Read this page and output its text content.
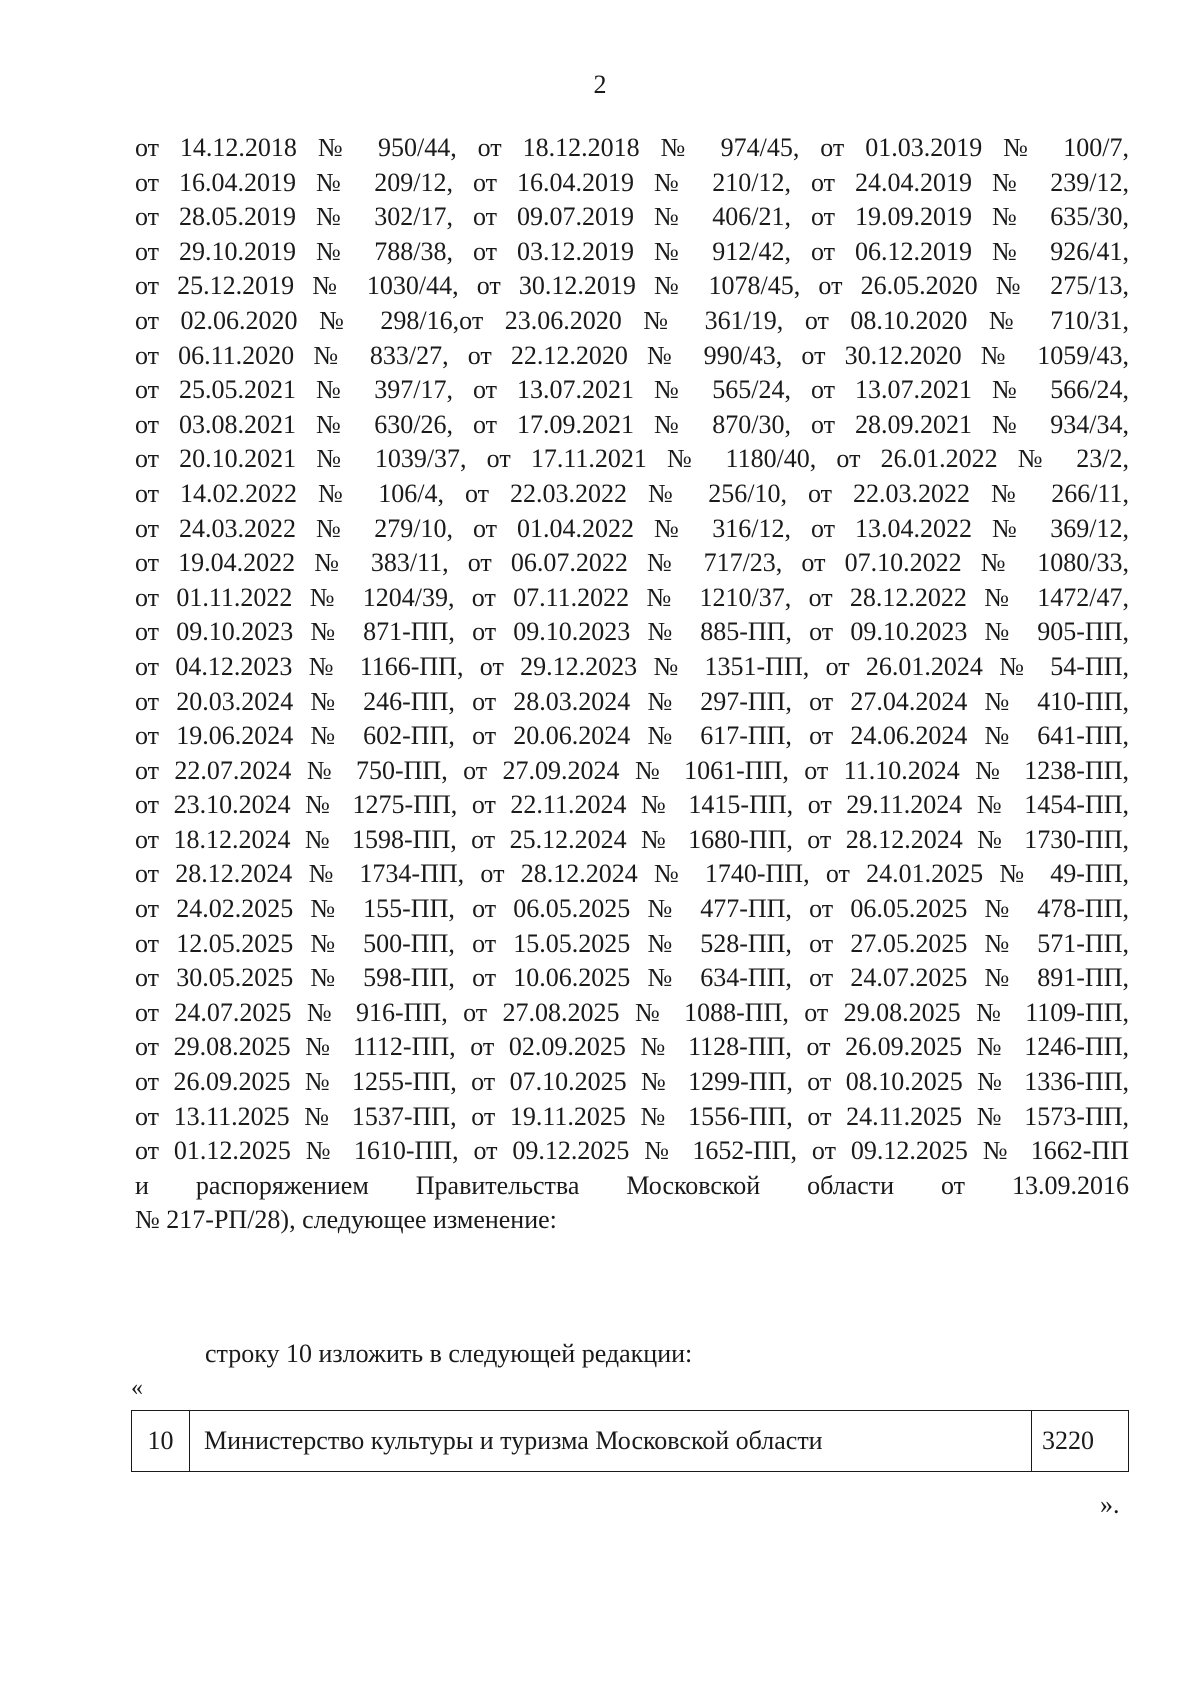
2
от 14.12.2018 № 950/44, от 18.12.2018 № 974/45, от 01.03.2019 № 100/7,
от 16.04.2019 № 209/12, от 16.04.2019 № 210/12, от 24.04.2019 № 239/12,
от 28.05.2019 № 302/17, от 09.07.2019 № 406/21, от 19.09.2019 № 635/30,
от 29.10.2019 № 788/38, от 03.12.2019 № 912/42, от 06.12.2019 № 926/41,
от 25.12.2019 № 1030/44, от 30.12.2019 № 1078/45, от 26.05.2020 № 275/13,
от 02.06.2020 № 298/16,от 23.06.2020 № 361/19, от 08.10.2020 № 710/31,
от 06.11.2020 № 833/27, от 22.12.2020 № 990/43, от 30.12.2020 № 1059/43,
от 25.05.2021 № 397/17, от 13.07.2021 № 565/24, от 13.07.2021 № 566/24,
от 03.08.2021 № 630/26, от 17.09.2021 № 870/30, от 28.09.2021 № 934/34,
от 20.10.2021 № 1039/37, от 17.11.2021 № 1180/40, от 26.01.2022 № 23/2,
от 14.02.2022 № 106/4, от 22.03.2022 № 256/10, от 22.03.2022 № 266/11,
от 24.03.2022 № 279/10, от 01.04.2022 № 316/12, от 13.04.2022 № 369/12,
от 19.04.2022 № 383/11, от 06.07.2022 № 717/23, от 07.10.2022 № 1080/33,
от 01.11.2022 № 1204/39, от 07.11.2022 № 1210/37, от 28.12.2022 № 1472/47,
от 09.10.2023 № 871-ПП, от 09.10.2023 № 885-ПП, от 09.10.2023 № 905-ПП,
от 04.12.2023 № 1166-ПП, от 29.12.2023 № 1351-ПП, от 26.01.2024 № 54-ПП,
от 20.03.2024 № 246-ПП, от 28.03.2024 № 297-ПП, от 27.04.2024 № 410-ПП,
от 19.06.2024 № 602-ПП, от 20.06.2024 № 617-ПП, от 24.06.2024 № 641-ПП,
от 22.07.2024 № 750-ПП, от 27.09.2024 № 1061-ПП, от 11.10.2024 № 1238-ПП,
от 23.10.2024 № 1275-ПП, от 22.11.2024 № 1415-ПП, от 29.11.2024 № 1454-ПП,
от 18.12.2024 № 1598-ПП, от 25.12.2024 № 1680-ПП, от 28.12.2024 № 1730-ПП,
от 28.12.2024 № 1734-ПП, от 28.12.2024 № 1740-ПП, от 24.01.2025 № 49-ПП,
от 24.02.2025 № 155-ПП, от 06.05.2025 № 477-ПП, от 06.05.2025 № 478-ПП,
от 12.05.2025 № 500-ПП, от 15.05.2025 № 528-ПП, от 27.05.2025 № 571-ПП,
от 30.05.2025 № 598-ПП, от 10.06.2025 № 634-ПП, от 24.07.2025 № 891-ПП,
от 24.07.2025 № 916-ПП, от 27.08.2025 № 1088-ПП, от 29.08.2025 № 1109-ПП,
от 29.08.2025 № 1112-ПП, от 02.09.2025 № 1128-ПП, от 26.09.2025 № 1246-ПП,
от 26.09.2025 № 1255-ПП, от 07.10.2025 № 1299-ПП, от 08.10.2025 № 1336-ПП,
от 13.11.2025 № 1537-ПП, от 19.11.2025 № 1556-ПП, от 24.11.2025 № 1573-ПП,
от 01.12.2025 № 1610-ПП, от 09.12.2025 № 1652-ПП, от 09.12.2025 № 1662-ПП
и распоряжением Правительства Московской области от 13.09.2016
№ 217-РП/28), следующее изменение:
строку 10 изложить в следующей редакции:
«
10	Министерство культуры и туризма Московской области	3220
».
